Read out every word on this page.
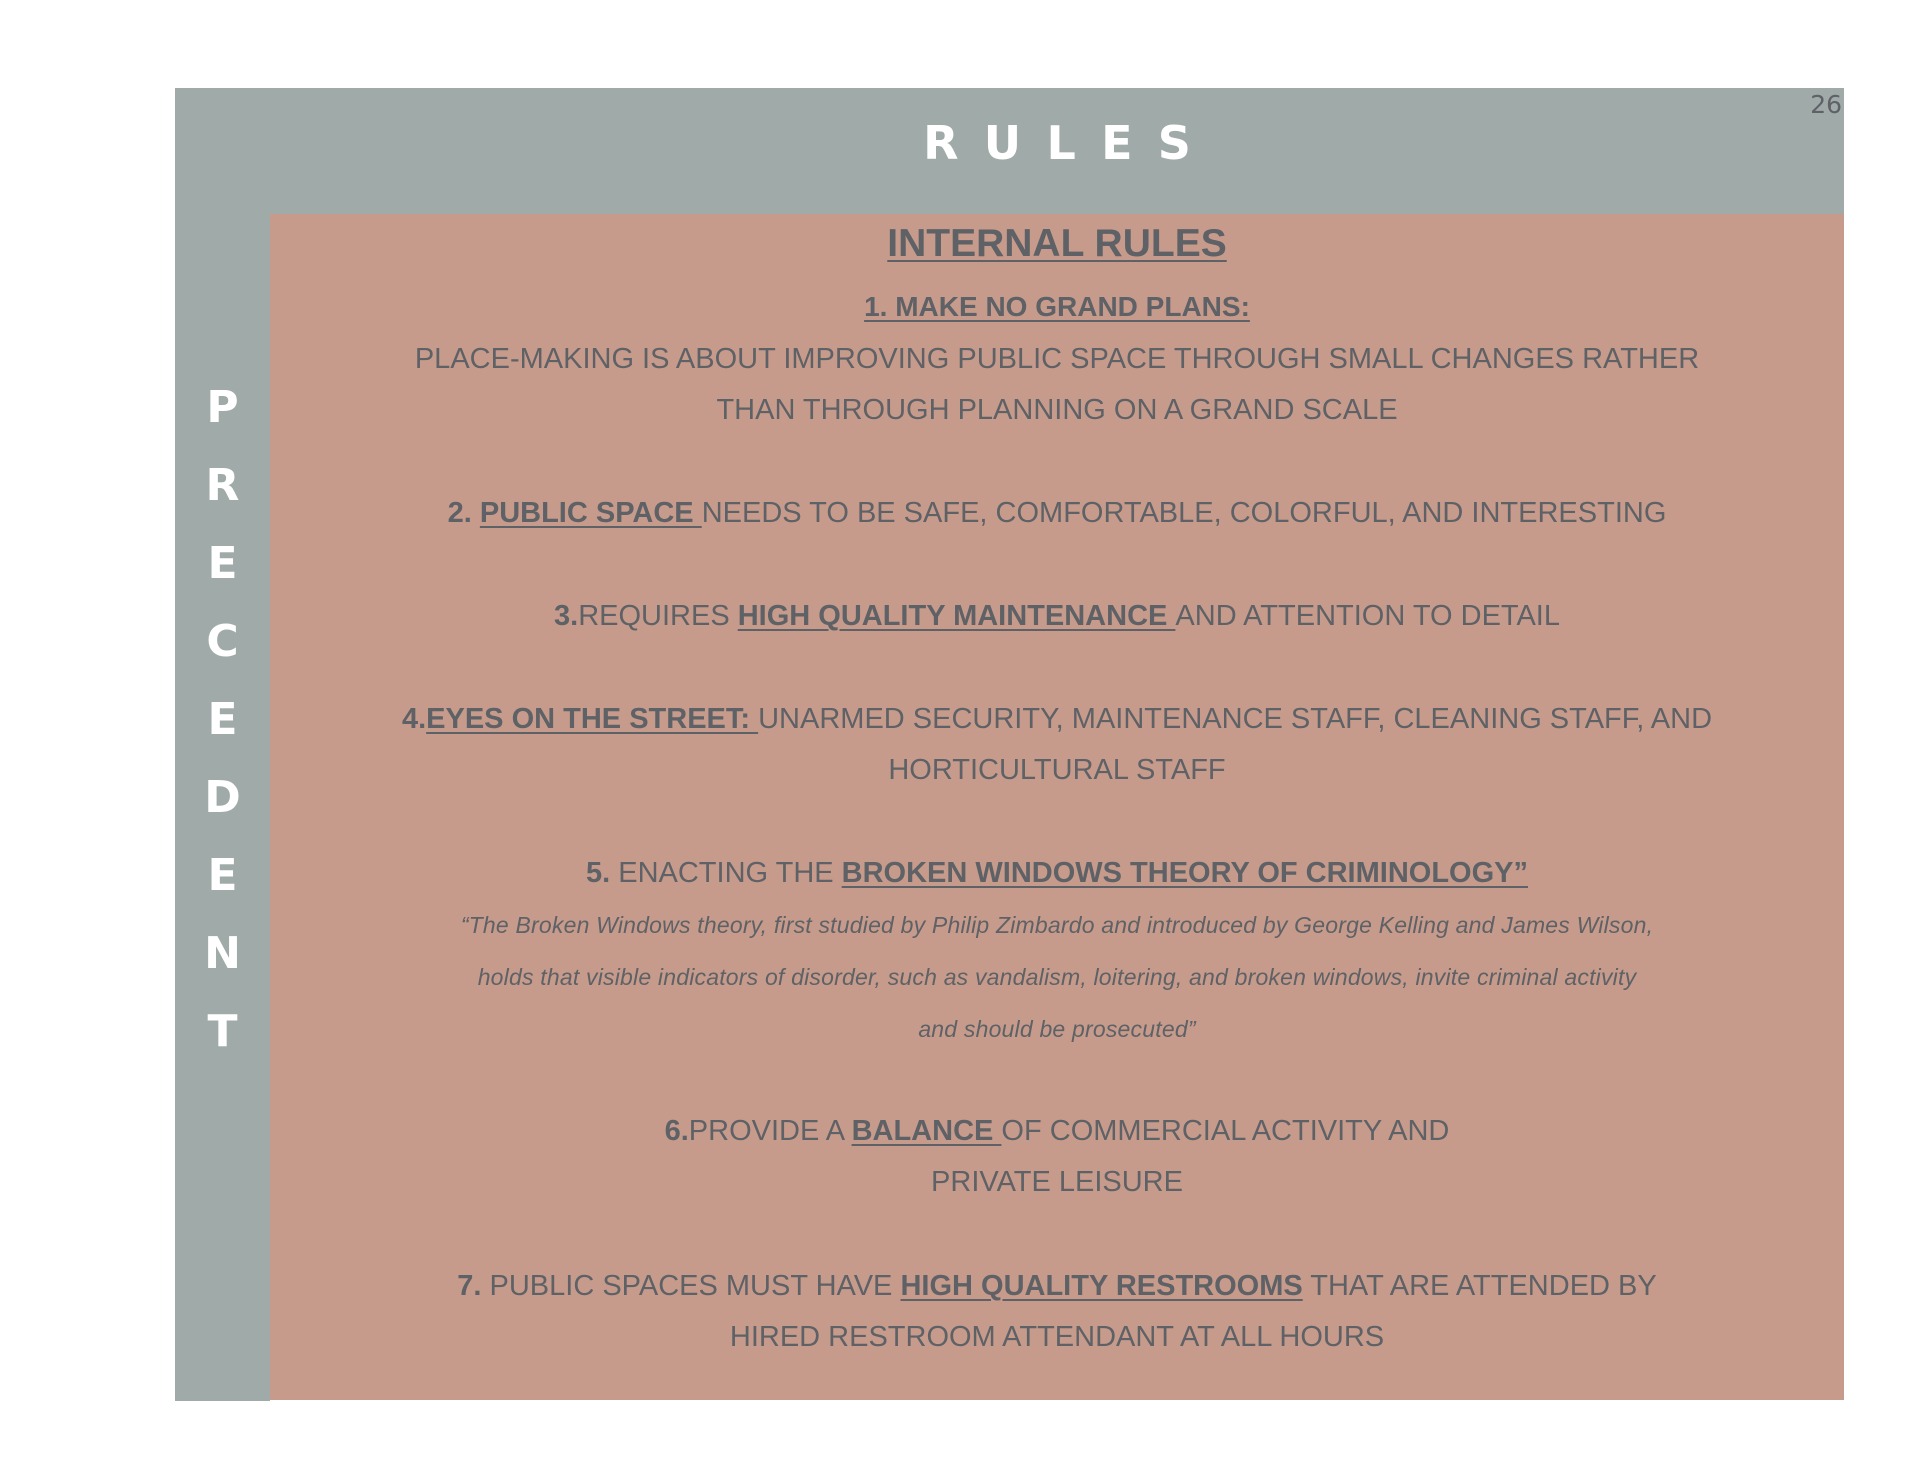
P
R
E
C
E
D
E
N
T
RULES
26
INTERNAL RULES
1. MAKE NO GRAND PLANS:
PLACE-MAKING IS ABOUT IMPROVING PUBLIC SPACE THROUGH SMALL CHANGES RATHER
THAN THROUGH PLANNING ON A GRAND SCALE
2. PUBLIC SPACE NEEDS TO BE SAFE, COMFORTABLE, COLORFUL, AND INTERESTING
3.REQUIRES HIGH QUALITY MAINTENANCE AND ATTENTION TO DETAIL
4.EYES ON THE STREET: UNARMED SECURITY, MAINTENANCE STAFF, CLEANING STAFF, AND
HORTICULTURAL STAFF
5. ENACTING THE BROKEN WINDOWS THEORY OF CRIMINOLOGY”
“The Broken Windows theory, first studied by Philip Zimbardo and introduced by George Kelling and James Wilson,
holds that visible indicators of disorder, such as vandalism, loitering, and broken windows, invite criminal activity
and should be prosecuted”
6.PROVIDE A BALANCE OF COMMERCIAL ACTIVITY AND
PRIVATE LEISURE
7. PUBLIC SPACES MUST HAVE HIGH QUALITY RESTROOMS THAT ARE ATTENDED BY
HIRED RESTROOM ATTENDANT AT ALL HOURS
